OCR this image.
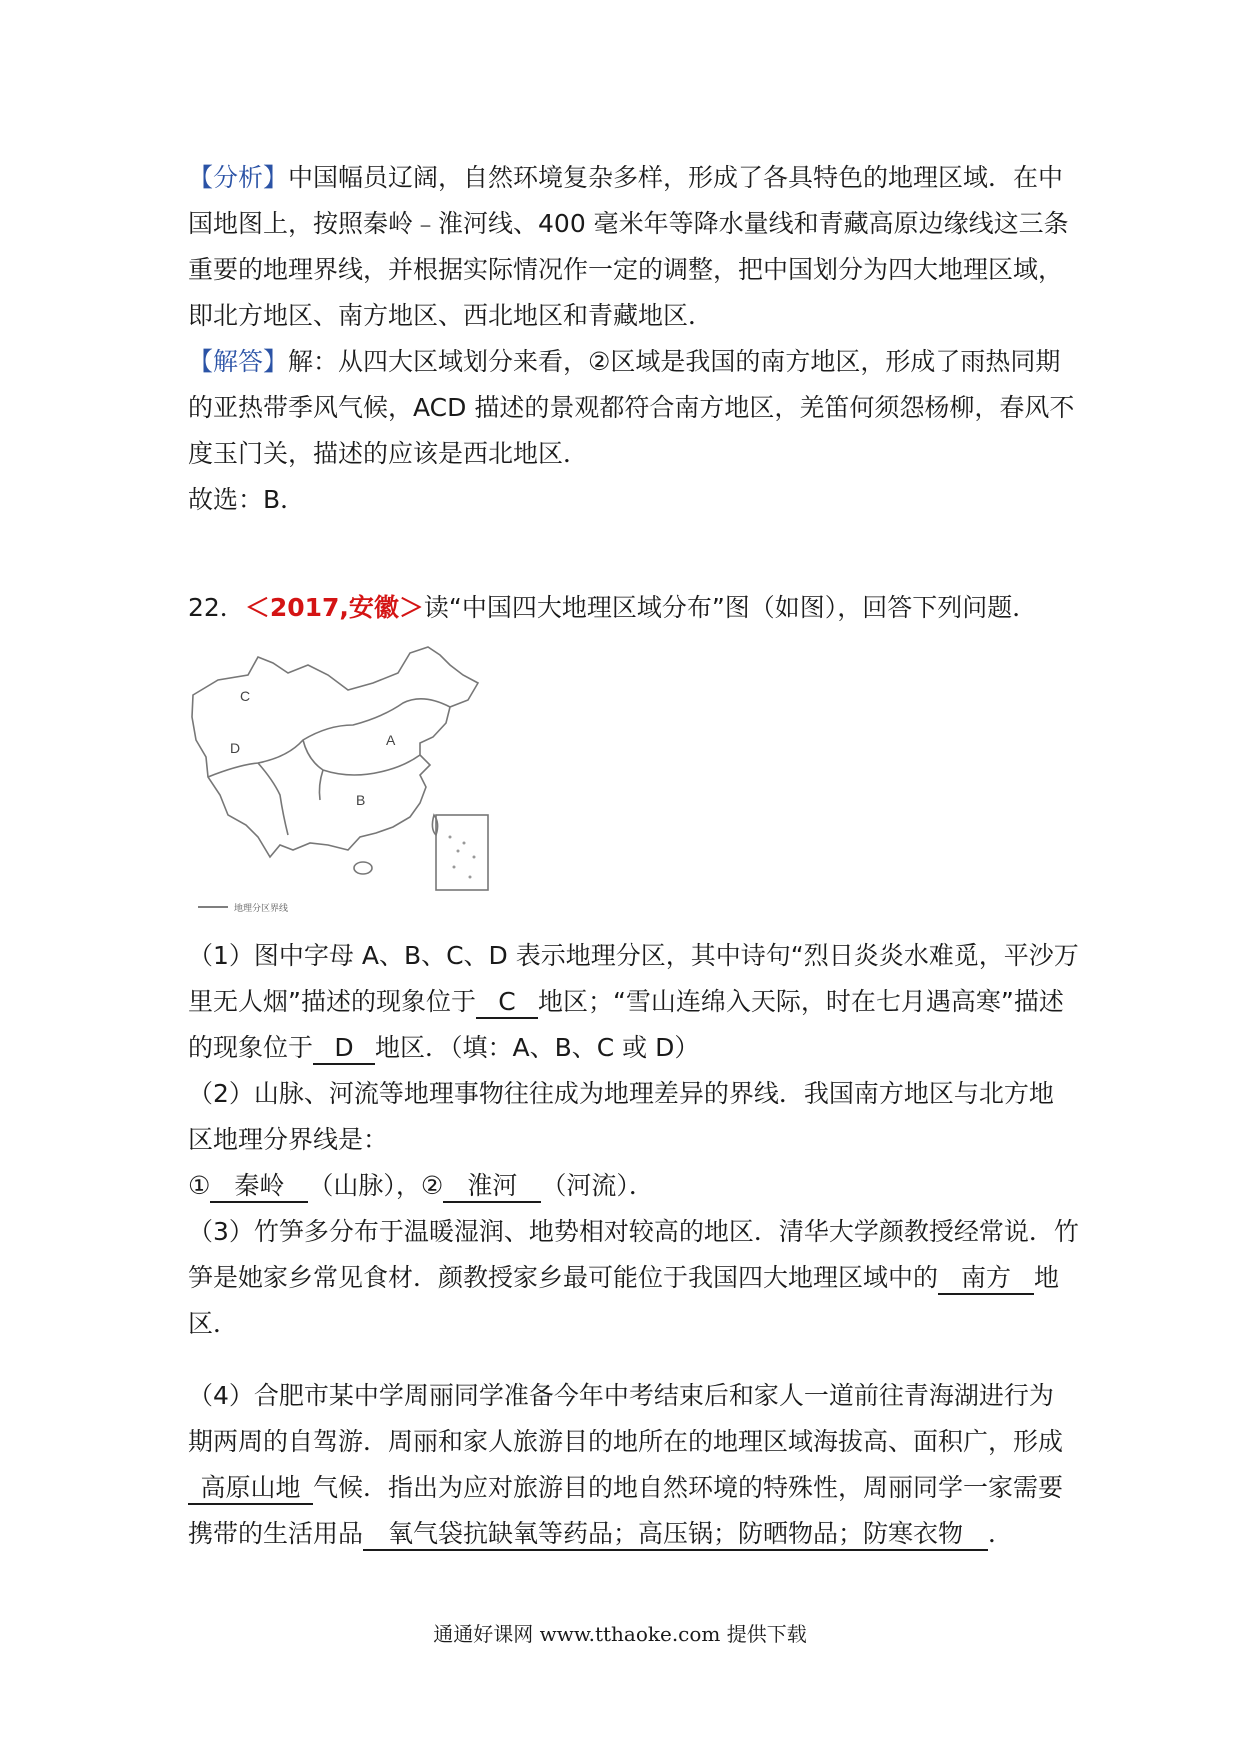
【分析】中国幅员辽阔，自然环境复杂多样，形成了各具特色的地理区域．在中
国地图上，按照秦岭﹣淮河线、400 毫米年等降水量线和青藏高原边缘线这三条
重要的地理界线，并根据实际情况作一定的调整，把中国划分为四大地理区域，
即北方地区、南方地区、西北地区和青藏地区．
【解答】解：从四大区域划分来看，②区域是我国的南方地区，形成了雨热同期
的亚热带季风气候，ACD 描述的景观都符合南方地区，羌笛何须怨杨柳，春风不
度玉门关，描述的应该是西北地区．
故选：B．
22．＜2017,安徽＞读“中国四大地理区域分布”图（如图），回答下列问题．
A
B
C
D
地理分区界线
（1）图中字母 A、B、C、D 表示地理分区，其中诗句“烈日炎炎水难觅，平沙万
里无人烟”描述的现象位于 C 地区；“雪山连绵入天际，时在七月遇高寒”描述
的现象位于 D 地区．（填：A、B、C 或 D）
（2）山脉、河流等地理事物往往成为地理差异的界线．我国南方地区与北方地
区地理分界线是：
① 秦岭 （山脉），② 淮河 （河流）．
（3）竹笋多分布于温暖湿润、地势相对较高的地区．清华大学颜教授经常说．竹
笋是她家乡常见食材．颜教授家乡最可能位于我国四大地理区域中的 南方 地
区．
（4）合肥市某中学周丽同学准备今年中考结束后和家人一道前往青海湖进行为
期两周的自驾游．周丽和家人旅游目的地所在的地理区域海拔高、面积广，形成
高原山地 气候．指出为应对旅游目的地自然环境的特殊性，周丽同学一家需要
携带的生活用品 氧气袋抗缺氧等药品；高压锅；防晒物品；防寒衣物 ．
通通好课网 www.tthaoke.com 提供下载
